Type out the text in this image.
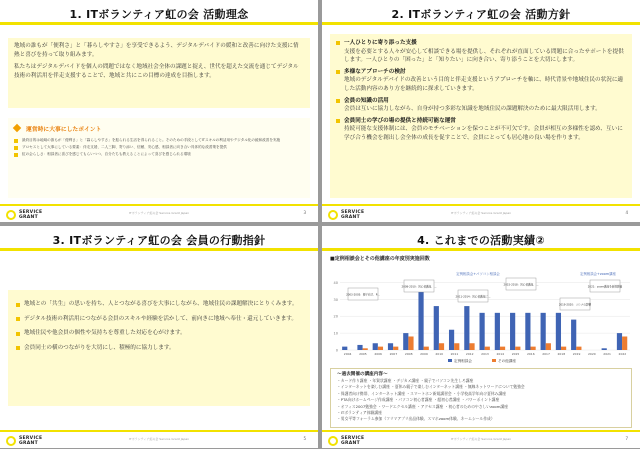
1. ITボランティア虹の会 活動理念

地域の誰もが「便利さ」と「暮らしやすさ」を享受できるよう、デジタルデバイドの緩和と改善に向けた支援に情熱と喜びを持って取り組みます。

私たちはデジタルデバイドを個人の問題ではなく地域社会全体の課題と捉え、世代を超えた交流を通じてデジタル技術の利活用を伴走支援することで、地域と共にこの目標の達成を目指します。

運営時に大事にしたポイント
最終目的は地域の誰もが「便利さ」と「暮らしやすさ」を振られる生活を得られること。そのための手段としてITスキルの利活用やデジタル化の緩和改善を実施
プロセスとして大事にしている要素：伴走支援、二人三脚、寄り添い、信頼、安心感、相談者に向き合い具体的な改善策を提供
虹の会らしさ：相談者に喜びを感じてもらいつつ、自分たちも教えることによって喜びを感じられる環境
SERVICE
GRANT
ITボランティア虹の会 Service Grant Japan	3
2. ITボランティア虹の会 活動方針
一人ひとりに寄り添った支援
支援を必要とする人々が安心して相談できる場を提供し、それぞれが直面している問題に合ったサポートを提供します。一人ひとりの「困った」と「知りたい」に向き合い、寄り添うことを大切にします。
多様なアプローチの検討
地域のデジタルデバイドの改善という目的と伴走支援というアプローチを軸に、時代背景や地域住民の状況に適した活動内容のあり方を継続的に探求していきます。
会員の知識の活用
会員は互いに協力しながら、自身が持つ多彩な知識を地域住民の課題解決のために最大限活用します。
会員同士の学びの場の提供と持続可能な運営
持続可能な支援体制には、会員のモチベーションを保つことが不可欠です。会員が相互の多様性を認め、互いに学び合う機会を創出し会全体の成長を促すことで、会員にとっても居心地の良い場を作ります。
SERVICE
GRANT
ITボランティア虹の会 Service Grant Japan	4
3. ITボランティア虹の会 会員の行動指針
地域との「共生」の思いを持ち、人とつながる喜びを大事にしながら、地域住民の課題解決にとりくみます。
デジタル技術の利活用につながる会員のスキルや経験を活かして、前向きに地域へ奉仕・還元していきます。
地域住民や他会員の個性や気持ちを尊重した対応を心がけます。
会員同士の横のつながりを大切にし、積極的に協力します。
SERVICE
GRANT
ITボランティア虹の会 Service Grant Japan	5
4. これまでの活動実績②
■定例相談会とその他講座の年度別実施回数
0
10
20
30
40
2004	2005	2006	2007	2008	2009	2010	2011	2012	2013	2014	2015	2016	2017	2018	2019	2020	2021	2022
定例相談会	その他講座
定例相談会+パソコン相談会	定例相談会+zoom講座
2003-2005：親子向け、P…
2008-2010：初心者講座、…
2011-2014：初心者講座に…
2015-2018：初心者講座、…
2019-2020：コロナの影響
2021：zoom講座を新規開催
〜過去開催の講座内容〜
・カード作り講座 ・年賀状講座 ・デジカメ講座 ・親子でパソコン先生しろ講座
・インターネットを楽しむ講座 ・夏休み親子で楽しむインターネット講座 ・無線ネットワークについて勉強会
・保護者向け携帯、インターネット講座 ・スマートホン新規講習会 ・小学校高学年向け夏休み講座
・PTA向けホームページ作成講座 ・パソコン初心者講座 ・超初心者講座 ・パワーポイント講座
・オフィス2007勉強会 ・ワードエクセル講座 ・アクセス講座 ・初心者のためのやさしいzoom講座
・ITボランティア体験講座
・男女平等フォーラム参加（フリマアプリ出品体験、スマホzoom体験、ネームシール作成）
SERVICE
GRANT
ITボランティア虹の会 Service Grant Japan	7
